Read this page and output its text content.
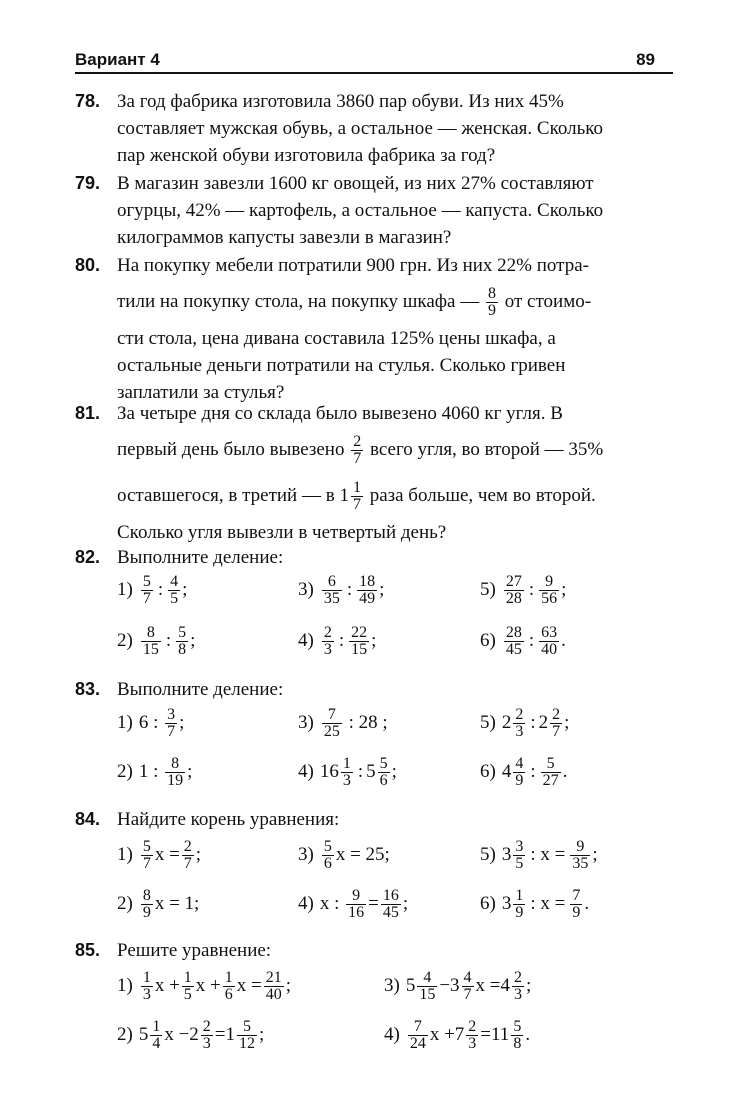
Вариант 4	89
78. За год фабрика изготовила 3860 пар обуви. Из них 45%
составляет мужская обувь, а остальное — женская. Сколько
пар женской обуви изготовила фабрика за год?
79. В магазин завезли 1600 кг овощей, из них 27% составляют
огурцы, 42% — картофель, а остальное — капуста. Сколько
килограммов капусты завезли в магазин?
80. На покупку мебели потратили 900 грн. Из них 22% потра-
тили на покупку стола, на покупку шкафа — $\frac{8}{9}$ от стоимо-
сти стола, цена дивана составила 125% цены шкафа, а
остальные деньги потратили на стулья. Сколько гривен
заплатили за стулья?
81. За четыре дня со склада было вывезено 4060 кг угля. В
первый день было вывезено $\frac{2}{7}$ всего угля, во второй — 35%
оставшегося, в третий — в $1 \frac{1}{7}$ раза больше, чем во второй.
Сколько угля вывезли в четвертый день?
82. Выполните деление:
$1) \frac{5}{7}$ : $\frac{4}{5}$ ;	$3) \frac{6}{35}$ : $\frac{18}{49}$ ;	$5) \frac{27}{28}$ : $\frac{9}{56}$ ;
$2) \frac{8}{15}$ : $\frac{5}{8}$ ;	$4) \frac{2}{3}$ : $\frac{22}{15}$ ;	$6) \frac{28}{45}$ : $\frac{63}{40}$ .
83. Выполните деление:
1) 6 : $\frac{3}{7}$ ;	$3) \frac{7}{25}$ : 28 ;	5) $2 \frac{2}{3}$ : $2 \frac{2}{7}$ ;
2) 1 : $\frac{8}{19}$ ;	4) $16 \frac{1}{3}$ : $5 \frac{5}{6}$ ;	6) $4 \frac{4}{9}$ : $\frac{5}{27}$ .
84. Найдите корень уравнения:
$1) \frac{5}{7}$ $x = \frac{2}{7}$ ;	$3) \frac{5}{6}$ x = 25;	5) $3 \frac{3}{5}$ : $x = \frac{9}{35}$ ;
$2) \frac{8}{9}$ x = 1;	4) x : $\frac{9}{16} = \frac{16}{45}$ ;	6) $3 \frac{1}{9}$ : $x = \frac{7}{9}$ .
85. Решите уравнение:
$1) \frac{1}{3}$ $x + \frac{1}{5}$ $x + \frac{1}{6}$ $x = \frac{21}{40}$ ;	3) $5 \frac{4}{15} -3 \frac{4}{7}$ $x =4 \frac{2}{3}$ ;
2) $5 \frac{1}{4}$ $x -2 \frac{2}{3} =1 \frac{5}{12}$ ;	$4) \frac{7}{24}$ $x +7 \frac{2}{3} =11 \frac{5}{8}$ .
